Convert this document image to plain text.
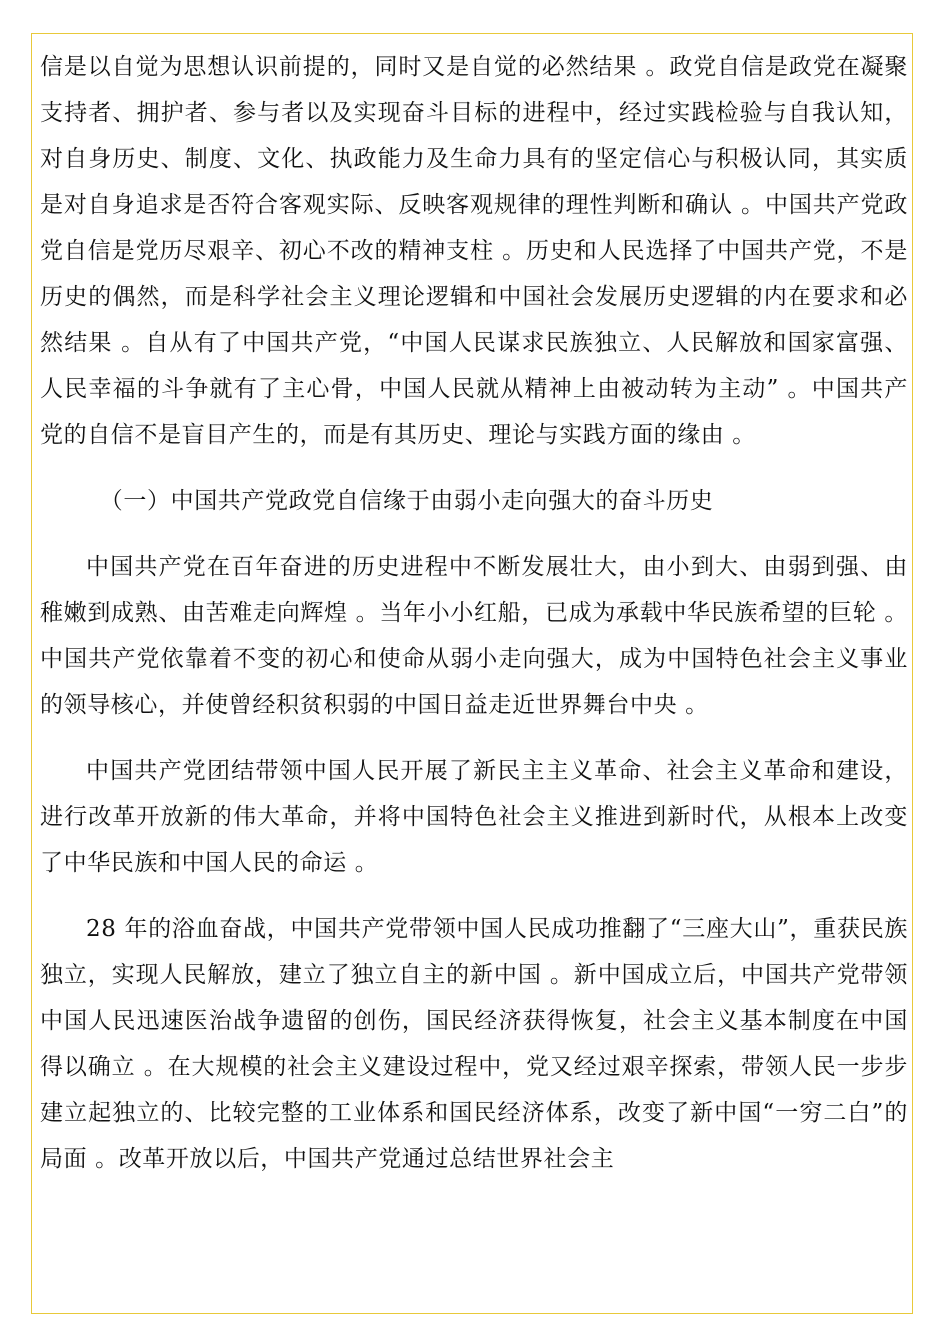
信是以自觉为思想认识前提的，同时又是自觉的必然结果 。政党自信是政党在凝聚支持者、拥护者、参与者以及实现奋斗目标的进程中，经过实践检验与自我认知，对自身历史、制度、文化、执政能力及生命力具有的坚定信心与积极认同，其实质是对自身追求是否符合客观实际、反映客观规律的理性判断和确认 。中国共产党政党自信是党历尽艰辛、初心不改的精神支柱 。历史和人民选择了中国共产党，不是历史的偶然，而是科学社会主义理论逻辑和中国社会发展历史逻辑的内在要求和必然结果 。自从有了中国共产党，“中国人民谋求民族独立、人民解放和国家富强、人民幸福的斗争就有了主心骨，中国人民就从精神上由被动转为主动” 。中国共产党的自信不是盲目产生的，而是有其历史、理论与实践方面的缘由 。

（一）中国共产党政党自信缘于由弱小走向强大的奋斗历史

中国共产党在百年奋进的历史进程中不断发展壮大，由小到大、由弱到强、由稚嫩到成熟、由苦难走向辉煌 。当年小小红船，已成为承载中华民族希望的巨轮 。中国共产党依靠着不变的初心和使命从弱小走向强大，成为中国特色社会主义事业的领导核心，并使曾经积贫积弱的中国日益走近世界舞台中央 。

中国共产党团结带领中国人民开展了新民主主义革命、社会主义革命和建设，进行改革开放新的伟大革命，并将中国特色社会主义推进到新时代，从根本上改变了中华民族和中国人民的命运 。

28 年的浴血奋战，中国共产党带领中国人民成功推翻了“三座大山”，重获民族独立，实现人民解放，建立了独立自主的新中国 。新中国成立后，中国共产党带领中国人民迅速医治战争遗留的创伤，国民经济获得恢复，社会主义基本制度在中国得以确立 。在大规模的社会主义建设过程中，党又经过艰辛探索，带领人民一步步建立起独立的、比较完整的工业体系和国民经济体系，改变了新中国“一穷二白”的局面 。改革开放以后，中国共产党通过总结世界社会主
